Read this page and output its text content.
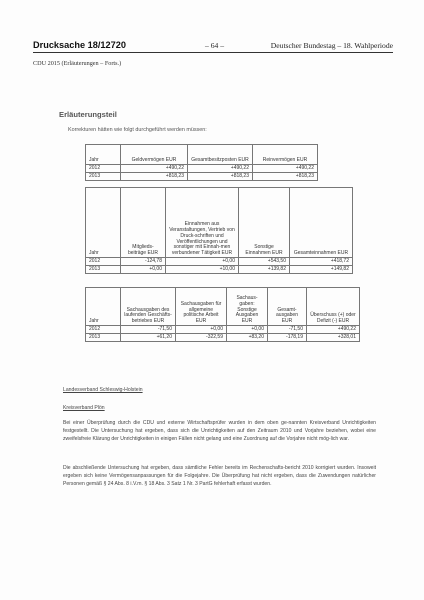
Drucksache 18/12720	– 64 –	Deutscher Bundestag – 18. Wahlperiode
CDU 2015 (Erläuterungen – Forts.)
Erläuterungsteil
Korrekturen hätten wie folgt durchgeführt werden müssen:
Jahr	Geldvermögen EUR	Gesamtbesitzposten EUR	Reinvermögen EUR
2012	+490,22	+490,22	+490,22
2013	+818,23	+818,23	+818,23
Jahr	Mitglieds-beiträge EUR	Einnahmen aus Veranstaltungen, Vertrieb von Druck-schriften und Veröffentlichungen und sonstiger mit Einnah-men verbundener Tätigkeit EUR	Sonstige Einnahmen EUR	Gesamteinnahmen EUR
2012	-124,78	+0,00	+543,50	+418,72
2013	+0,00	+10,00	+139,82	+149,82
Jahr	Sachausgaben des laufenden Geschäfts-betriebes EUR	Sachausgaben für allgemeine politische Arbeit EUR	Sachaus-gaben: Sonstige Ausgaben EUR	Gesamt-ausgaben EUR	Überschuss (+) oder Defizit (-) EUR
2012	-71,50	+0,00	+0,00	-71,50	+490,22
2013	+61,20	-322,59	+83,20	-178,19	+328,01
Landesverband Schleswig-Holstein
Kreisverband Plön
Bei einer Überprüfung durch die CDU und externe Wirtschaftsprüfer wurden in dem oben ge-nannten Kreisverband Unrichtigkeiten festgestellt. Die Untersuchung hat ergeben, dass sich die Unrichtigkeiten auf den Zeitraum 2010 und Vorjahre beziehen, wobei eine zweifelsfreie Klärung der Unrichtigkeiten in einigen Fällen nicht gelang und eine Zuordnung auf die Vorjahre nicht mög-lich war.
Die abschließende Untersuchung hat ergeben, dass sämtliche Fehler bereits im Rechenschafts-bericht 2010 korrigiert wurden. Insoweit ergeben sich keine Vermögensanpassungen für die Folgejahre. Die Überprüfung hat nicht ergeben, dass die Zuwendungen natürlicher Personen gemäß § 24 Abs. 8 i.V.m. § 18 Abs. 3 Satz 1 Nr. 3 PartG fehlerhaft erfasst wurden.
